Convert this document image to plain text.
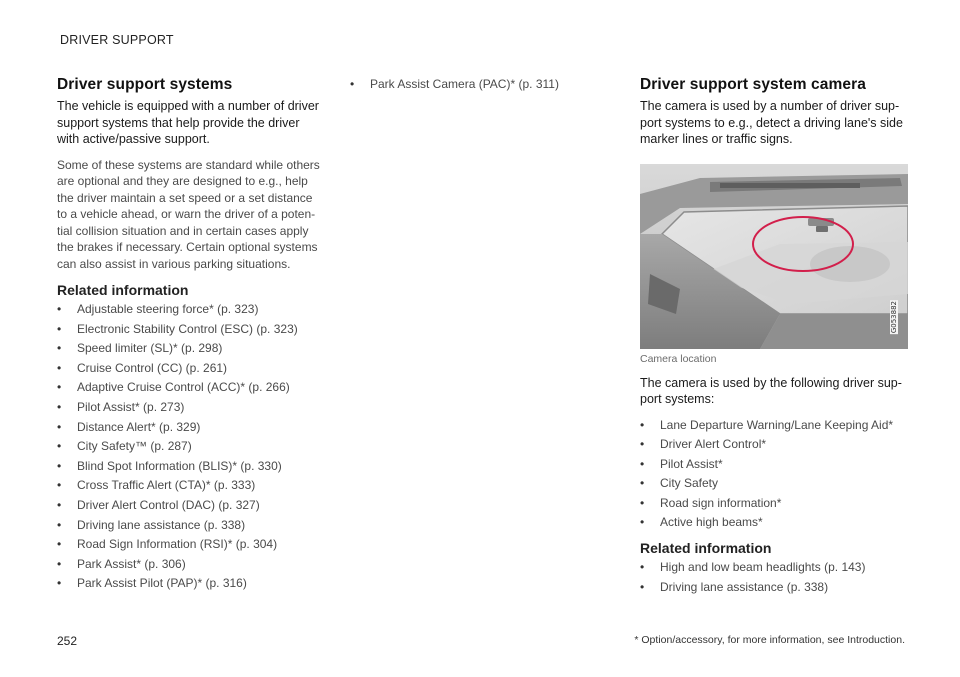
DRIVER SUPPORT
Driver support systems

The vehicle is equipped with a number of driver support systems that help provide the driver with active/passive support.

Some of these systems are standard while others are optional and they are designed to e.g., help the driver maintain a set speed or a set distance to a vehicle ahead, or warn the driver of a poten-tial collision situation and in certain cases apply the brakes if necessary. Certain optional systems can also assist in various parking situations.

Related information
• Adjustable steering force* (p. 323)
• Electronic Stability Control (ESC) (p. 323)
• Speed limiter (SL)* (p. 298)
• Cruise Control (CC) (p. 261)
• Adaptive Cruise Control (ACC)* (p. 266)
• Pilot Assist* (p. 273)
• Distance Alert* (p. 329)
• City Safety™ (p. 287)
• Blind Spot Information (BLIS)* (p. 330)
• Cross Traffic Alert (CTA)* (p. 333)
• Driver Alert Control (DAC) (p. 327)
• Driving lane assistance (p. 338)
• Road Sign Information (RSI)* (p. 304)
• Park Assist* (p. 306)
• Park Assist Pilot (PAP)* (p. 316)
• Park Assist Camera (PAC)* (p. 311)	Driver support system camera

The camera is used by a number of driver sup-port systems to e.g., detect a driving lane's side marker lines or traffic signs.

G053882
Camera location

The camera is used by the following driver sup-port systems:

• Lane Departure Warning/Lane Keeping Aid*
• Driver Alert Control*
• Pilot Assist*
• City Safety
• Road sign information*
• Active high beams*
Related information
• High and low beam headlights (p. 143)
• Driving lane assistance (p. 338)
252	* Option/accessory, for more information, see Introduction.
